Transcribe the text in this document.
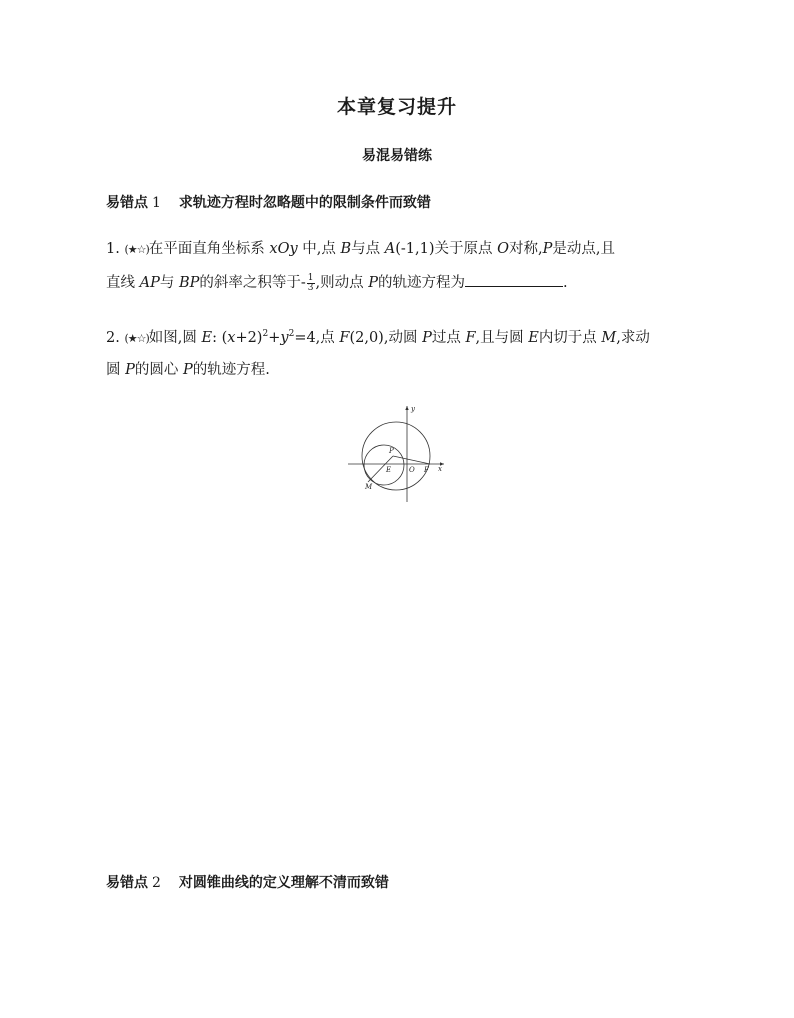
本章复习提升
易混易错练
易错点 1 求轨迹方程时忽略题中的限制条件而致错
1. (★☆)在平面直角坐标系 xOy 中,点 B与点 A(-1,1)关于原点 O对称,P是动点,且
直线 AP与 BP的斜率之积等于- $\frac{1}{3}$ ,则动点 P的轨迹方程为	.
2. (★☆)如图,圆 E: $(x+2)^2+y^2=4$,点 F(2,0),动圆 P过点 F,且与圆 E内切于点 M,求动
圆 P的圆心 P的轨迹方程.
y
x
P
E	O F
M
易错点 2 对圆锥曲线的定义理解不清而致错
